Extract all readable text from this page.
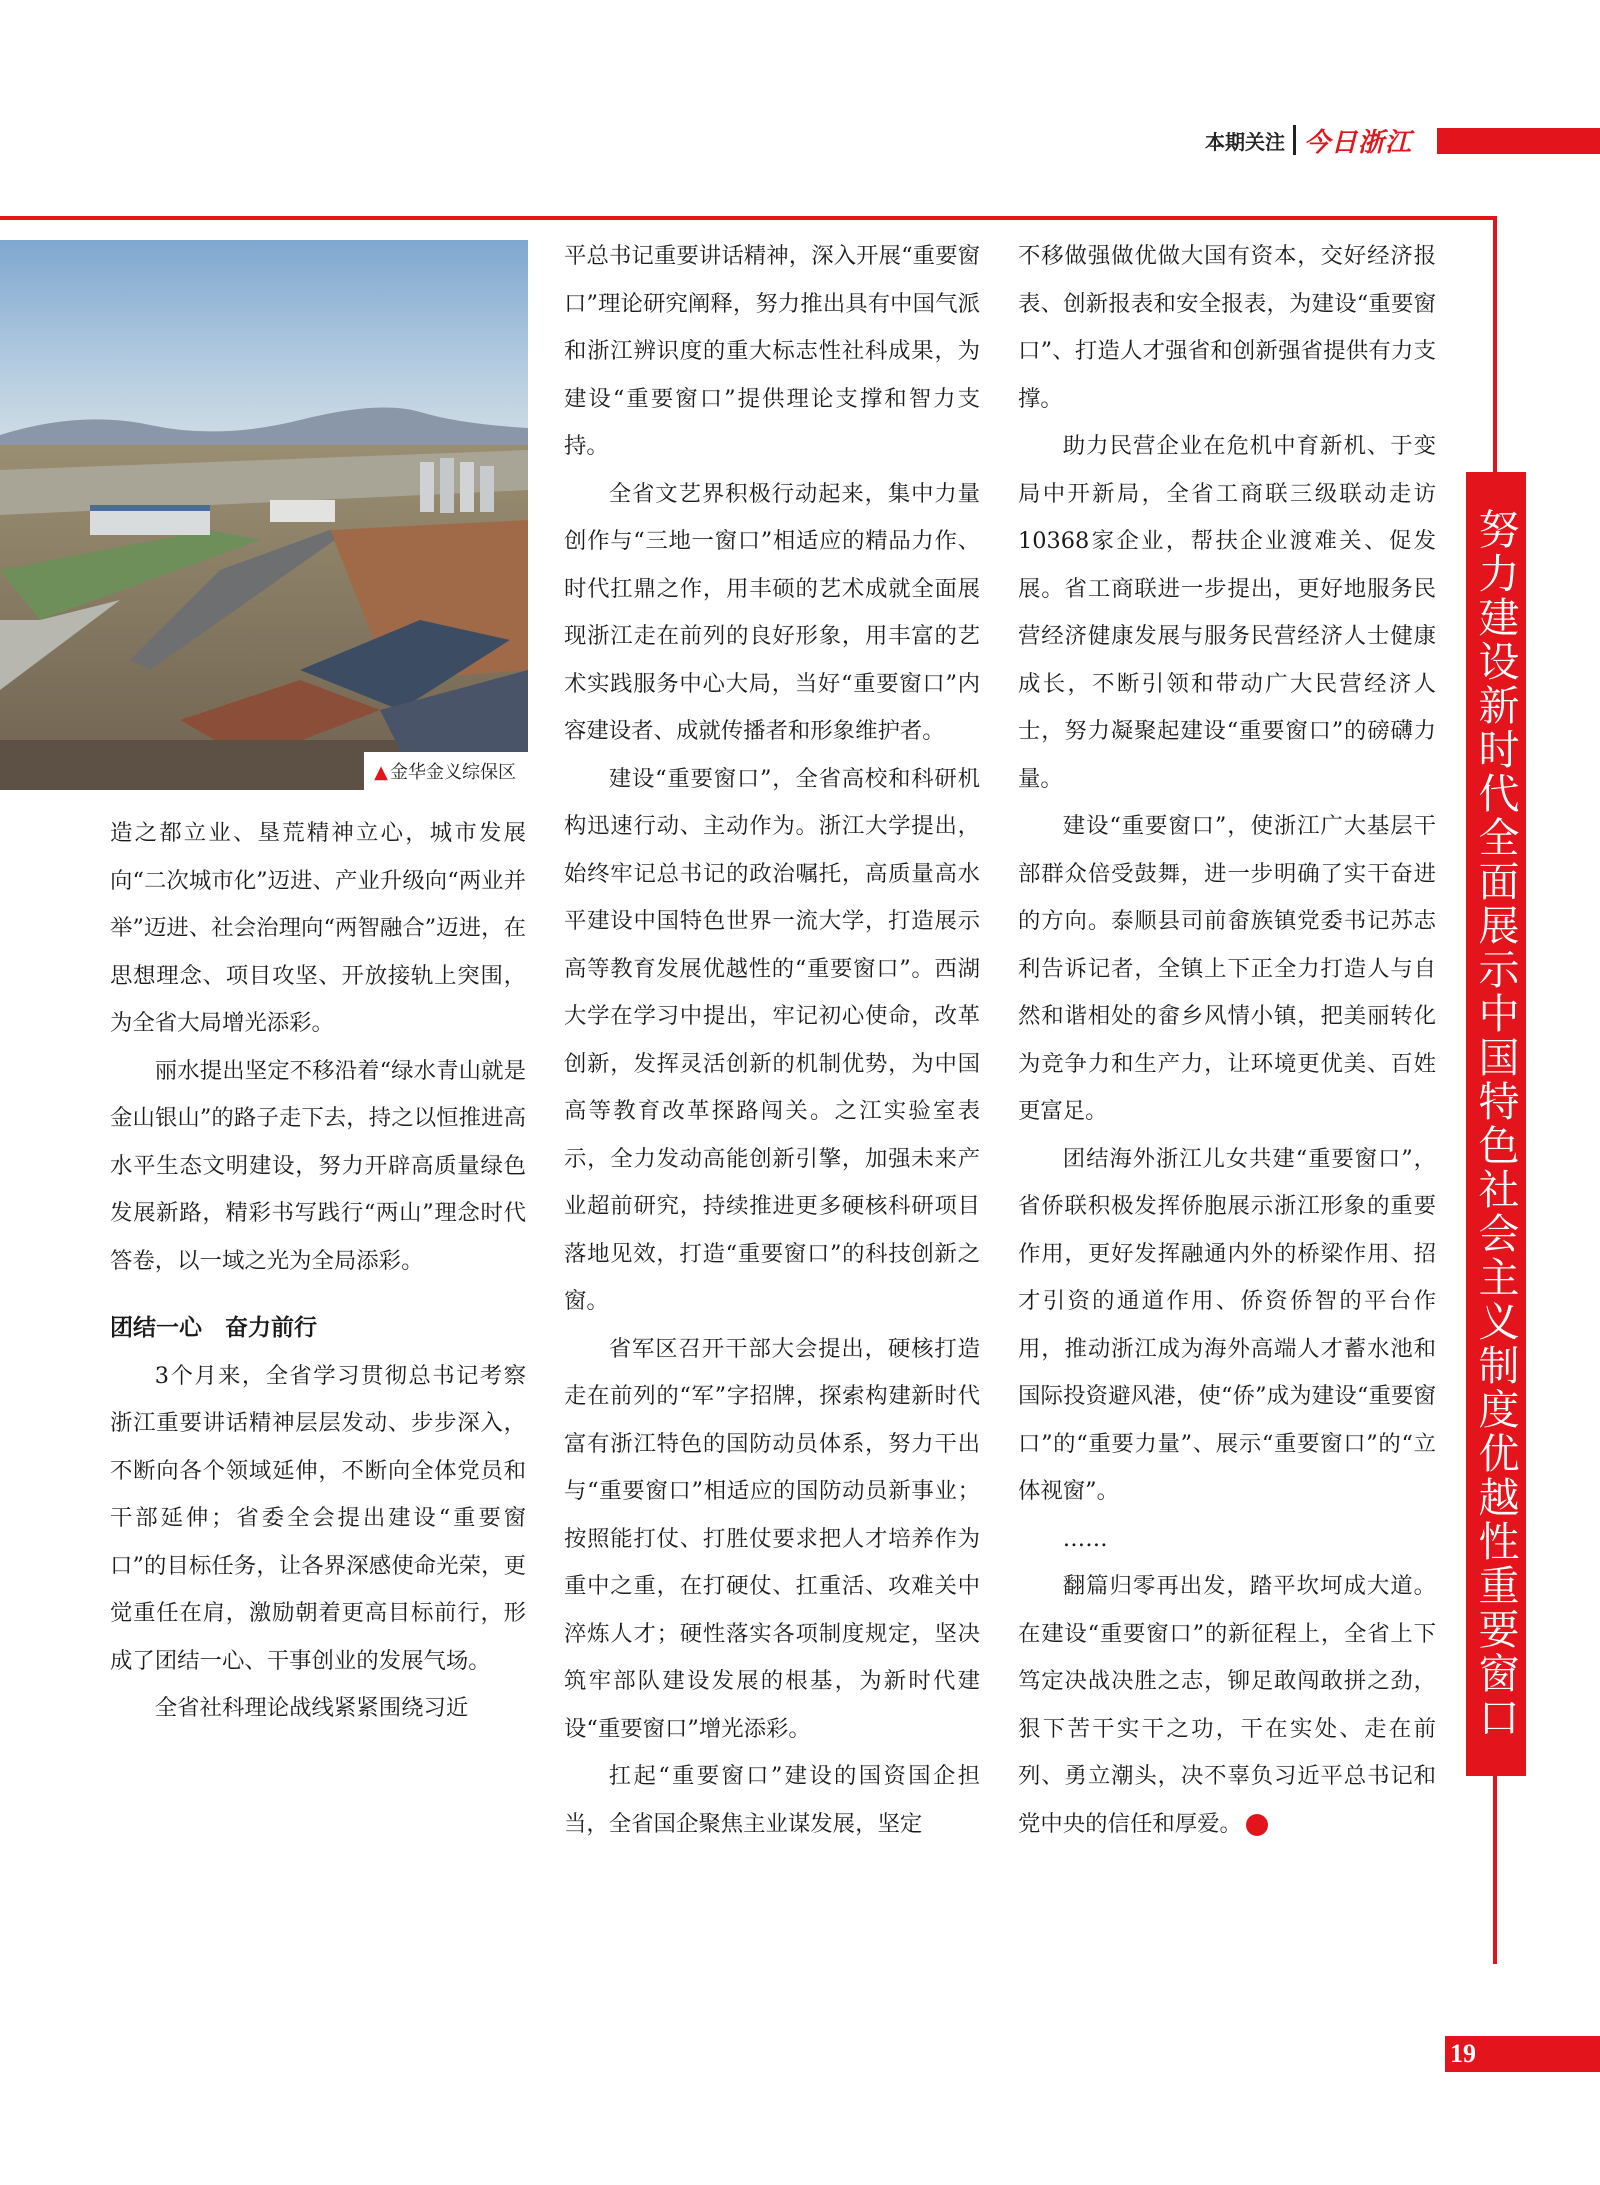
本期关注 今日浙江
▲ 金华金义综保区

造之都立业、垦荒精神立心，城市发展向“二次城市化”迈进、产业升级向“两业并举”迈进、社会治理向“两智融合”迈进，在思想理念、项目攻坚、开放接轨上突围，为全省大局增光添彩。

丽水提出坚定不移沿着“绿水青山就是金山银山”的路子走下去，持之以恒推进高水平生态文明建设，努力开辟高质量绿色发展新路，精彩书写践行“两山”理念时代答卷，以一域之光为全局添彩。

团结一心　奋力前行

3个月来，全省学习贯彻总书记考察浙江重要讲话精神层层发动、步步深入，不断向各个领域延伸，不断向全体党员和干部延伸；省委全会提出建设“重要窗口”的目标任务，让各界深感使命光荣，更觉重任在肩，激励朝着更高目标前行，形成了团结一心、干事创业的发展气场。

全省社科理论战线紧紧围绕习近

平总书记重要讲话精神，深入开展“重要窗口”理论研究阐释，努力推出具有中国气派和浙江辨识度的重大标志性社科成果，为建设“重要窗口”提供理论支撑和智力支持。

全省文艺界积极行动起来，集中力量创作与“三地一窗口”相适应的精品力作、时代扛鼎之作，用丰硕的艺术成就全面展现浙江走在前列的良好形象，用丰富的艺术实践服务中心大局，当好“重要窗口”内容建设者、成就传播者和形象维护者。

建设“重要窗口”，全省高校和科研机构迅速行动、主动作为。浙江大学提出，始终牢记总书记的政治嘱托，高质量高水平建设中国特色世界一流大学，打造展示高等教育发展优越性的“重要窗口”。西湖大学在学习中提出，牢记初心使命，改革创新，发挥灵活创新的机制优势，为中国高等教育改革探路闯关。之江实验室表示，全力发动高能创新引擎，加强未来产业超前研究，持续推进更多硬核科研项目落地见效，打造“重要窗口”的科技创新之窗。

省军区召开干部大会提出，硬核打造走在前列的“军”字招牌，探索构建新时代富有浙江特色的国防动员体系，努力干出与“重要窗口”相适应的国防动员新事业；按照能打仗、打胜仗要求把人才培养作为重中之重，在打硬仗、扛重活、攻难关中淬炼人才；硬性落实各项制度规定，坚决筑牢部队建设发展的根基，为新时代建设“重要窗口”增光添彩。

扛起“重要窗口”建设的国资国企担当，全省国企聚焦主业谋发展，坚定

不移做强做优做大国有资本，交好经济报表、创新报表和安全报表，为建设“重要窗口”、打造人才强省和创新强省提供有力支撑。

助力民营企业在危机中育新机、于变局中开新局，全省工商联三级联动走访10368家企业，帮扶企业渡难关、促发展。省工商联进一步提出，更好地服务民营经济健康发展与服务民营经济人士健康成长，不断引领和带动广大民营经济人士，努力凝聚起建设“重要窗口”的磅礴力量。

建设“重要窗口”，使浙江广大基层干部群众倍受鼓舞，进一步明确了实干奋进的方向。泰顺县司前畲族镇党委书记苏志利告诉记者，全镇上下正全力打造人与自然和谐相处的畲乡风情小镇，把美丽转化为竞争力和生产力，让环境更优美、百姓更富足。

团结海外浙江儿女共建“重要窗口”，省侨联积极发挥侨胞展示浙江形象的重要作用，更好发挥融通内外的桥梁作用、招才引资的通道作用、侨资侨智的平台作用，推动浙江成为海外高端人才蓄水池和国际投资避风港，使“侨”成为建设“重要窗口”的“重要力量”、展示“重要窗口”的“立体视窗”。

……

翻篇归零再出发，踏平坎坷成大道。在建设“重要窗口”的新征程上，全省上下笃定决战决胜之志，铆足敢闯敢拼之劲，狠下苦干实干之功，干在实处、走在前列、勇立潮头，决不辜负习近平总书记和党中央的信任和厚爱。	今

努力建设新时代全面展示中国特色社会主义制度优越性重要窗口
19
